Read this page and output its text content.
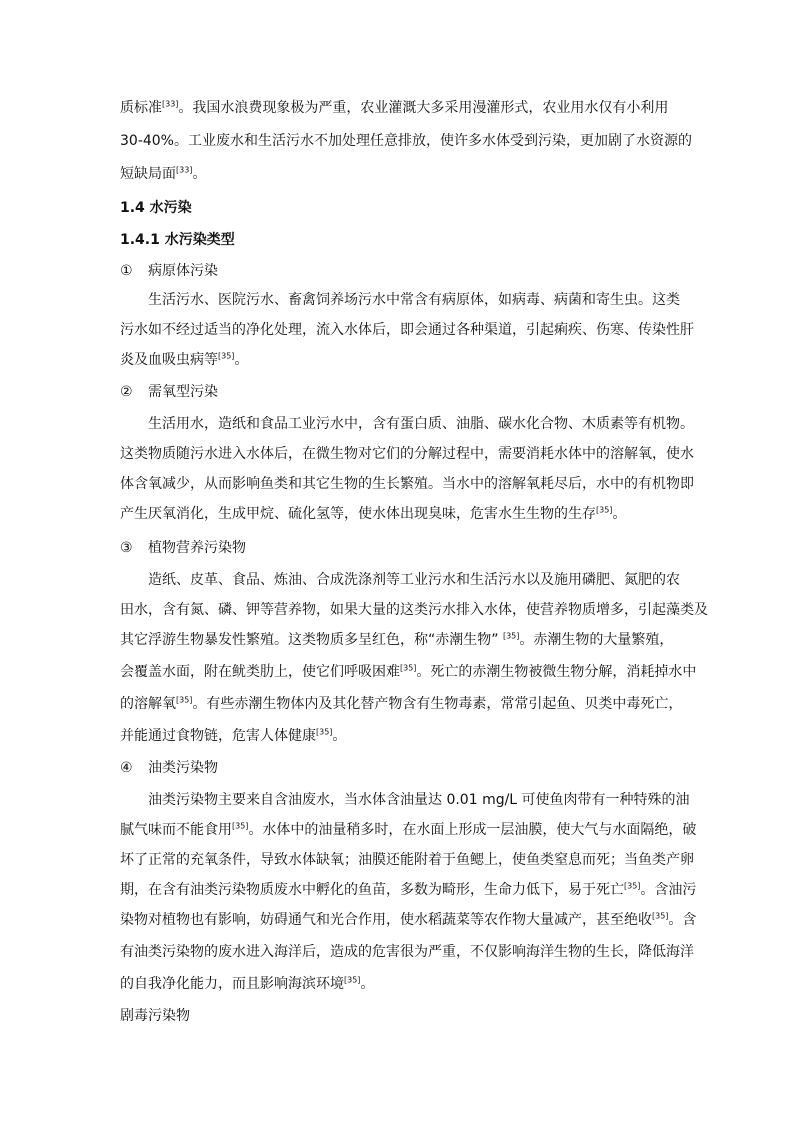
质标准[33]。我国水浪费现象极为严重，农业灌溉大多采用漫灌形式，农业用水仅有小利用
30-40%。工业废水和生活污水不加处理任意排放，使许多水体受到污染，更加剧了水资源的
短缺局面[33]。
1.4 水污染
1.4.1 水污染类型
① 病原体污染
生活污水、医院污水、畜禽饲养场污水中常含有病原体，如病毒、病菌和寄生虫。这类
污水如不经过适当的净化处理，流入水体后，即会通过各种渠道，引起痢疾、伤寒、传染性肝
炎及血吸虫病等[35]。
② 需氧型污染
生活用水，造纸和食品工业污水中，含有蛋白质、油脂、碳水化合物、木质素等有机物。
这类物质随污水进入水体后，在微生物对它们的分解过程中，需要消耗水体中的溶解氧，使水
体含氧减少，从而影响鱼类和其它生物的生长繁殖。当水中的溶解氧耗尽后，水中的有机物即
产生厌氧消化，生成甲烷、硫化氢等，使水体出现臭味，危害水生生物的生存[35]。
③ 植物营养污染物
造纸、皮革、食品、炼油、合成洗涤剂等工业污水和生活污水以及施用磷肥、氮肥的农
田水，含有氮、磷、钾等营养物，如果大量的这类污水排入水体，使营养物质增多，引起藻类及
其它浮游生物暴发性繁殖。这类物质多呈红色，称“赤潮生物” [35]。赤潮生物的大量繁殖，
会覆盖水面，附在鱿类肋上，使它们呼吸困难[35]。死亡的赤潮生物被微生物分解，消耗掉水中
的溶解氧[35]。有些赤潮生物体内及其化替产物含有生物毒素，常常引起鱼、贝类中毒死亡，
并能通过食物链，危害人体健康[35]。
④ 油类污染物
油类污染物主要来自含油废水，当水体含油量达 0.01 mg/L 可使鱼肉带有一种特殊的油
腻气味而不能食用[35]。水体中的油量稍多时，在水面上形成一层油膜，使大气与水面隔绝，破
坏了正常的充氧条件，导致水体缺氧；油膜还能附着于鱼鳃上，使鱼类窒息而死；当鱼类产卵
期，在含有油类污染物质废水中孵化的鱼苗，多数为畸形，生命力低下，易于死亡[35]。含油污
染物对植物也有影响，妨碍通气和光合作用，使水稻蔬菜等农作物大量减产，甚至绝收[35]。含
有油类污染物的废水进入海洋后，造成的危害很为严重，不仅影响海洋生物的生长，降低海洋
的自我净化能力，而且影响海滨环境[35]。
剧毒污染物
